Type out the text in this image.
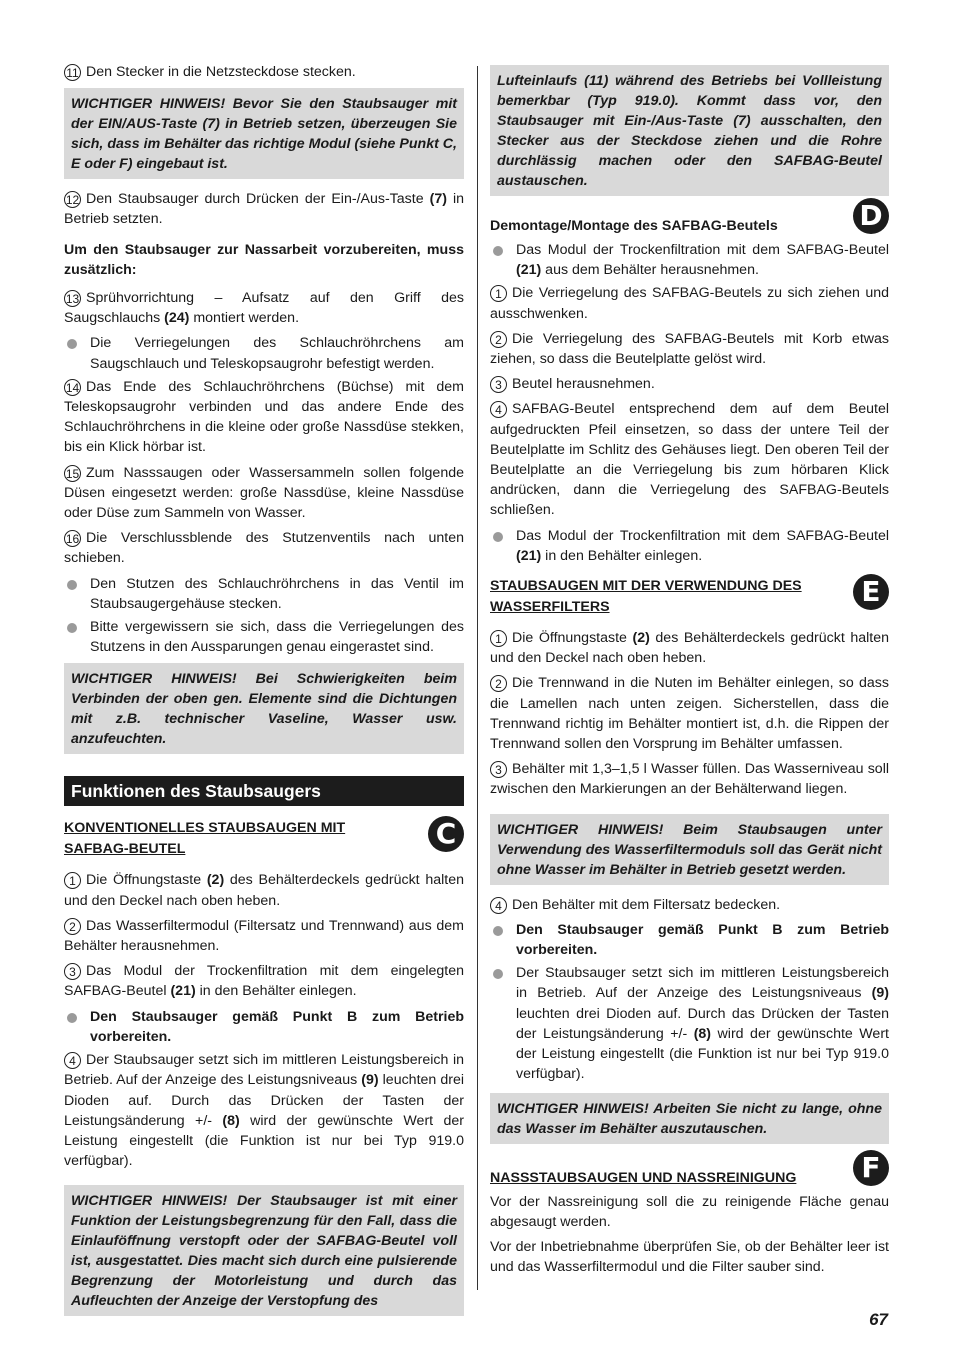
11 Den Stecker in die Netzsteckdose stecken.

WICHTIGER HINWEIS! Bevor Sie den Staubsauger mit der EIN/AUS-Taste (7) in Betrieb setzen, überzeugen Sie sich, dass im Behälter das richtige Modul (siehe Punkt C, E oder F) eingebaut ist.

12 Den Staubsauger durch Drücken der Ein-/Aus-Taste (7) in Betrieb setzten.

Um den Staubsauger zur Nassarbeit vorzubereiten, muss zusätzlich:

13 Sprühvorrichtung – Aufsatz auf den Griff des Saugschlauchs (24) montiert werden.

Die Verriegelungen des Schlauchröhrchens am Saugschlauch und Teleskopsaugrohr befestigt werden.

14 Das Ende des Schlauchröhrchens (Büchse) mit dem Teleskopsaugrohr verbinden und das andere Ende des Schlauchröhrchens in die kleine oder große Nassdüse stekken, bis ein Klick hörbar ist.

15 Zum Nasssaugen oder Wassersammeln sollen folgende Düsen eingesetzt werden: große Nassdüse, kleine Nassdüse oder Düse zum Sammeln von Wasser.

16 Die Verschlussblende des Stutzenventils nach unten schieben.

Den Stutzen des Schlauchröhrchens in das Ventil im Staubsaugergehäuse stecken.

Bitte vergewissern sie sich, dass die Verriegelungen des Stutzens in den Aussparungen genau eingerastet sind.

WICHTIGER HINWEIS! Bei Schwierigkeiten beim Verbinden der oben gen. Elemente sind die Dichtungen mit z.B. technischer Vaseline, Wasser usw. anzufeuchten.
Funktionen des Staubsaugers
KONVENTIONELLES STAUBSAUGEN MIT SAFBAG-BEUTEL	C

1 Die Öffnungstaste (2) des Behälterdeckels gedrückt halten und den Deckel nach oben heben.

2 Das Wasserfiltermodul (Filtersatz und Trennwand) aus dem Behälter herausnehmen.

3 Das Modul der Trockenfiltration mit dem eingelegten SAFBAG-Beutel (21) in den Behälter einlegen.

Den Staubsauger gemäß Punkt B zum Betrieb vorbereiten.

4 Der Staubsauger setzt sich im mittleren Leistungsbereich in Betrieb. Auf der Anzeige des Leistungsniveaus (9) leuchten drei Dioden auf. Durch das Drücken der Tasten der Leistungsänderung +/- (8) wird der gewünschte Wert der Leistung eingestellt (die Funktion ist nur bei Typ 919.0 verfügbar).

WICHTIGER HINWEIS! Der Staubsauger ist mit einer Funktion der Leistungsbegrenzung für den Fall, dass die Einlauföffnung verstopft oder der SAFBAG-Beutel voll ist, ausgestattet. Dies macht sich durch eine pulsierende Begrenzung der Motorleistung und durch das Aufleuchten der Anzeige der Verstopfung des
Lufteinlaufs (11) während des Betriebs bei Vollleistung bemerkbar (Typ 919.0). Kommt dass vor, den Staubsauger mit Ein-/Aus-Taste (7) ausschalten, den Stecker aus der Steckdose ziehen und die Rohre durchlässig machen oder den SAFBAG-Beutel austauschen.
Demontage/Montage des SAFBAG-Beutels	D

Das Modul der Trockenfiltration mit dem SAFBAG-Beutel (21) aus dem Behälter herausnehmen.

1 Die Verriegelung des SAFBAG-Beutels zu sich ziehen und ausschwenken.

2 Die Verriegelung des SAFBAG-Beutels mit Korb etwas ziehen, so dass die Beutelplatte gelöst wird.

3 Beutel herausnehmen.

4 SAFBAG-Beutel entsprechend dem auf dem Beutel aufgedruckten Pfeil einsetzen, so dass der untere Teil der Beutelplatte im Schlitz des Gehäuses liegt. Den oberen Teil der Beutelplatte an die Verriegelung bis zum hörbaren Klick andrücken, dann die Verriegelung des SAFBAG-Beutels schließen.

Das Modul der Trockenfiltration mit dem SAFBAG-Beutel (21) in den Behälter einlegen.

STAUBSAUGEN MIT DER VERWENDUNG DES WASSERFILTERS	E

1 Die Öffnungstaste (2) des Behälterdeckels gedrückt halten und den Deckel nach oben heben.

2 Die Trennwand in die Nuten im Behälter einlegen, so dass die Lamellen nach unten zeigen. Sicherstellen, dass die Trennwand richtig im Behälter montiert ist, d.h. die Rippen der Trennwand sollen den Vorsprung im Behälter umfassen.

3 Behälter mit 1,3–1,5 l Wasser füllen. Das Wasserniveau soll zwischen den Markierungen an der Behälterwand liegen.

WICHTIGER HINWEIS! Beim Staubsaugen unter Verwendung des Wasserfiltermoduls soll das Gerät nicht ohne Wasser im Behälter in Betrieb gesetzt werden.

4 Den Behälter mit dem Filtersatz bedecken.

Den Staubsauger gemäß Punkt B zum Betrieb vorbereiten.

Der Staubsauger setzt sich im mittleren Leistungsbereich in Betrieb. Auf der Anzeige des Leistungsniveaus (9) leuchten drei Dioden auf. Durch das Drücken der Tasten der Leistungsänderung +/- (8) wird der gewünschte Wert der Leistung eingestellt (die Funktion ist nur bei Typ 919.0 verfügbar).

WICHTIGER HINWEIS! Arbeiten Sie nicht zu lange, ohne das Wasser im Behälter auszutauschen.
NASSSTAUBSAUGEN UND NASSREINIGUNG	F

Vor der Nassreinigung soll die zu reinigende Fläche genau abgesaugt werden.

Vor der Inbetriebnahme überprüfen Sie, ob der Behälter leer ist und das Wasserfiltermodul und die Filter sauber sind.

67
